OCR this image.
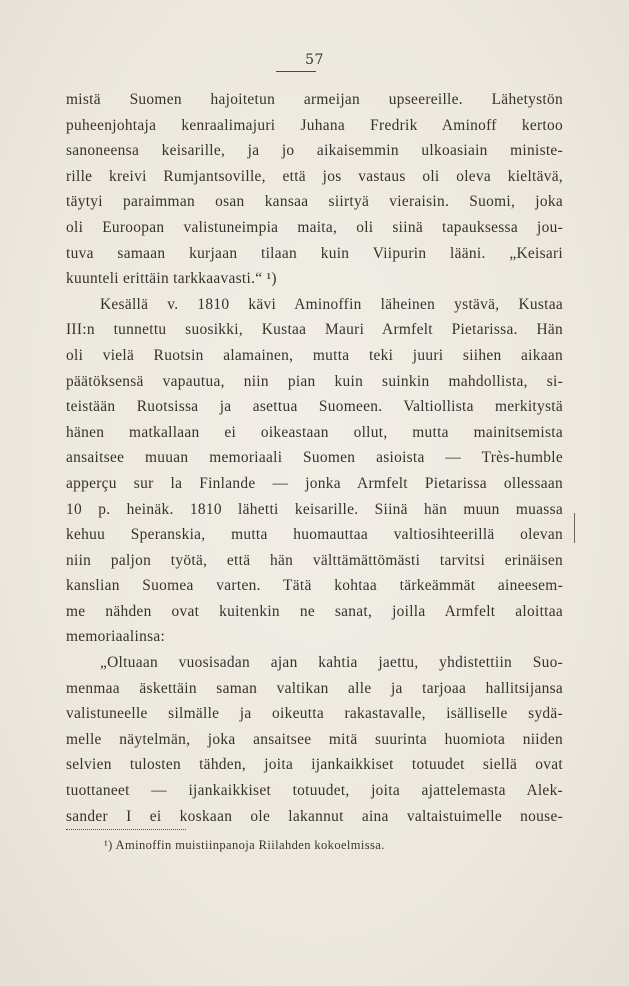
57
mistä Suomen hajoitetun armeijan upseereille. Lähetystön
puheenjohtaja kenraalimajuri Juhana Fredrik Aminoff kertoo
sanoneensa keisarille, ja jo aikaisemmin ulkoasiain ministe-
rille kreivi Rumjantsoville, että jos vastaus oli oleva kieltävä,
täytyi paraimman osan kansaa siirtyä vieraisin. Suomi, joka
oli Euroopan valistuneimpia maita, oli siinä tapauksessa jou-
tuva samaan kurjaan tilaan kuin Viipurin lääni. „Keisari
kuunteli erittäin tarkkaavasti.“ ¹)
Kesällä v. 1810 kävi Aminoffin läheinen ystävä, Kustaa
III:n tunnettu suosikki, Kustaa Mauri Armfelt Pietarissa. Hän
oli vielä Ruotsin alamainen, mutta teki juuri siihen aikaan
päätöksensä vapautua, niin pian kuin suinkin mahdollista, si-
teistään Ruotsissa ja asettua Suomeen. Valtiollista merkitystä
hänen matkallaan ei oikeastaan ollut, mutta mainitsemista
ansaitsee muuan memoriaali Suomen asioista — Très-humble
apperçu sur la Finlande — jonka Armfelt Pietarissa ollessaan
10 p. heinäk. 1810 lähetti keisarille. Siinä hän muun muassa
kehuu Speranskia, mutta huomauttaa valtiosihteerillä olevan
niin paljon työtä, että hän välttämättömästi tarvitsi erinäisen
kanslian Suomea varten. Tätä kohtaa tärkeämmät aineesem-
me nähden ovat kuitenkin ne sanat, joilla Armfelt aloittaa
memoriaalinsa:
„Oltuaan vuosisadan ajan kahtia jaettu, yhdistettiin Suo-
menmaa äskettäin saman valtikan alle ja tarjoaa hallitsijansa
valistuneelle silmälle ja oikeutta rakastavalle, isälliselle sydä-
melle näytelmän, joka ansaitsee mitä suurinta huomiota niiden
selvien tulosten tähden, joita ijankaikkiset totuudet siellä ovat
tuottaneet — ijankaikkiset totuudet, joita ajattelemasta Alek-
sander I ei koskaan ole lakannut aina valtaistuimelle nouse-
¹) Aminoffin muistiinpanoja Riilahden kokoelmissa.
